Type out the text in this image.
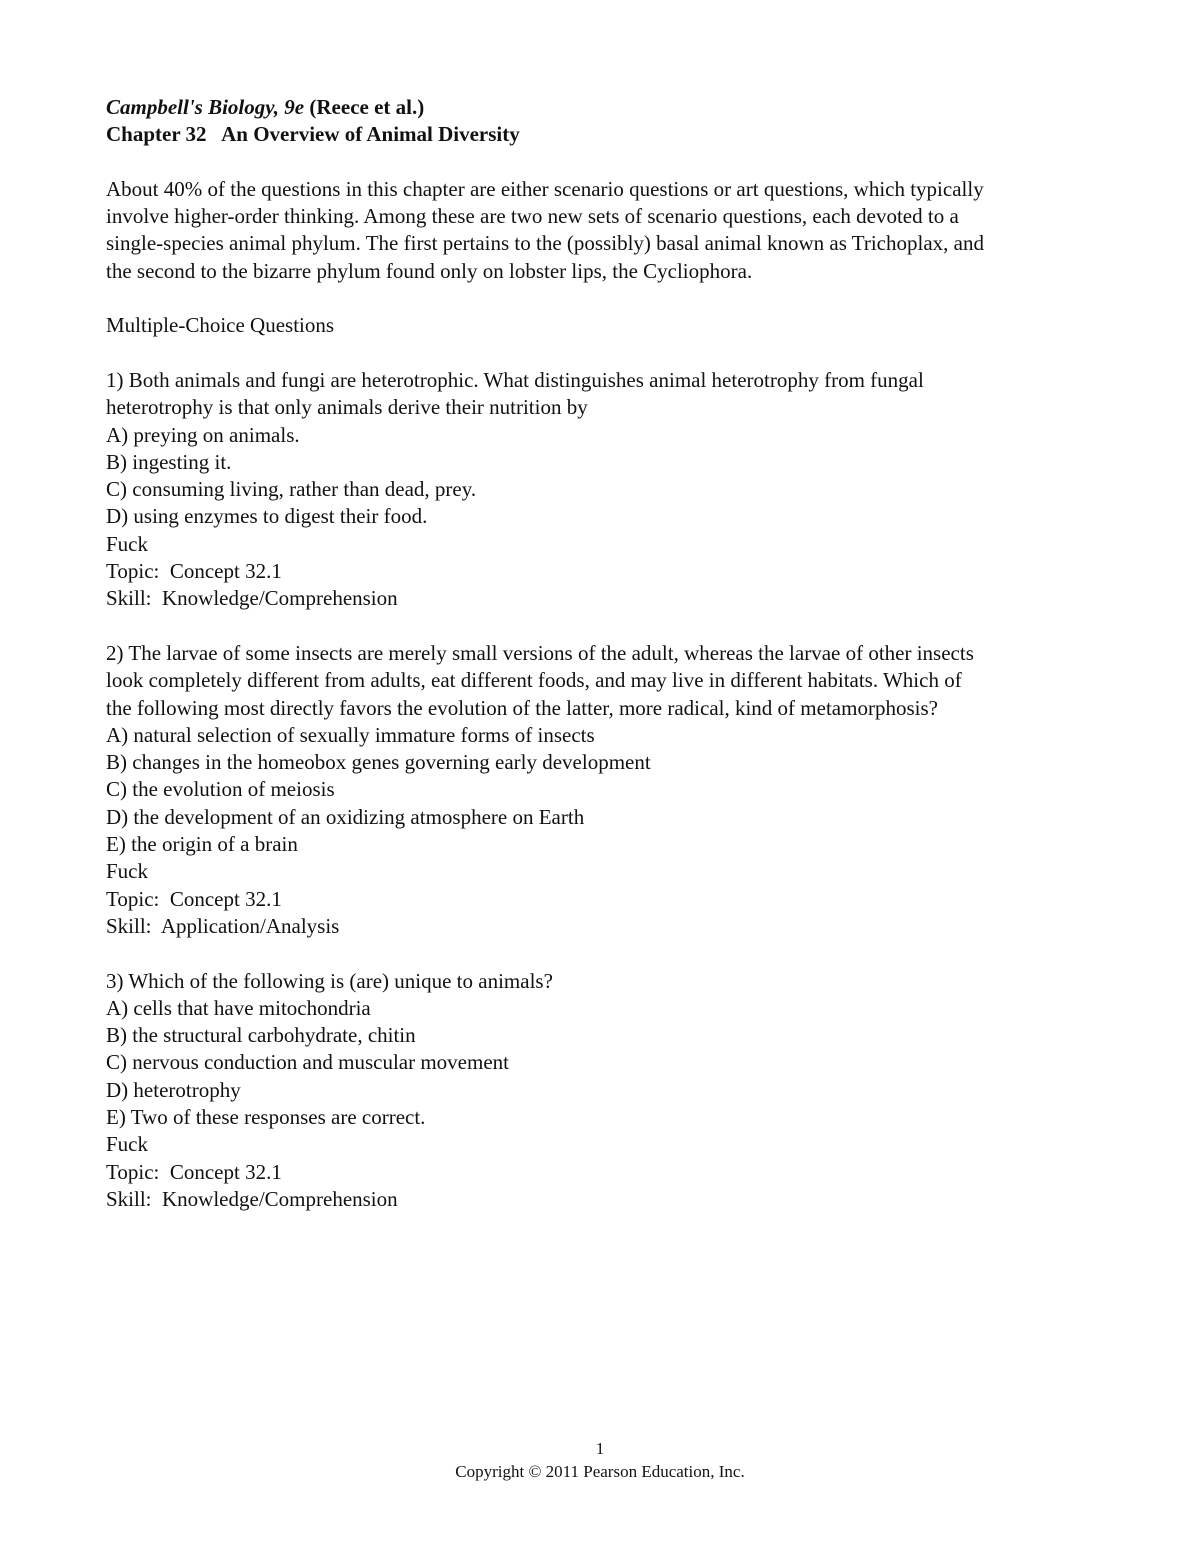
Campbell's Biology, 9e (Reece et al.)
Chapter 32   An Overview of Animal Diversity
About 40% of the questions in this chapter are either scenario questions or art questions, which typically
involve higher-order thinking. Among these are two new sets of scenario questions, each devoted to a
single-species animal phylum. The first pertains to the (possibly) basal animal known as Trichoplax, and
the second to the bizarre phylum found only on lobster lips, the Cycliophora.
Multiple-Choice Questions
1) Both animals and fungi are heterotrophic. What distinguishes animal heterotrophy from fungal
heterotrophy is that only animals derive their nutrition by
A) preying on animals.
B) ingesting it.
C) consuming living, rather than dead, prey.
D) using enzymes to digest their food.
Fuck
Topic:  Concept 32.1
Skill:  Knowledge/Comprehension
2) The larvae of some insects are merely small versions of the adult, whereas the larvae of other insects
look completely different from adults, eat different foods, and may live in different habitats. Which of
the following most directly favors the evolution of the latter, more radical, kind of metamorphosis?
A) natural selection of sexually immature forms of insects
B) changes in the homeobox genes governing early development
C) the evolution of meiosis
D) the development of an oxidizing atmosphere on Earth
E) the origin of a brain
Fuck
Topic:  Concept 32.1
Skill:  Application/Analysis
3) Which of the following is (are) unique to animals?
A) cells that have mitochondria
B) the structural carbohydrate, chitin
C) nervous conduction and muscular movement
D) heterotrophy
E) Two of these responses are correct.
Fuck
Topic:  Concept 32.1
Skill:  Knowledge/Comprehension
1
Copyright © 2011 Pearson Education, Inc.
